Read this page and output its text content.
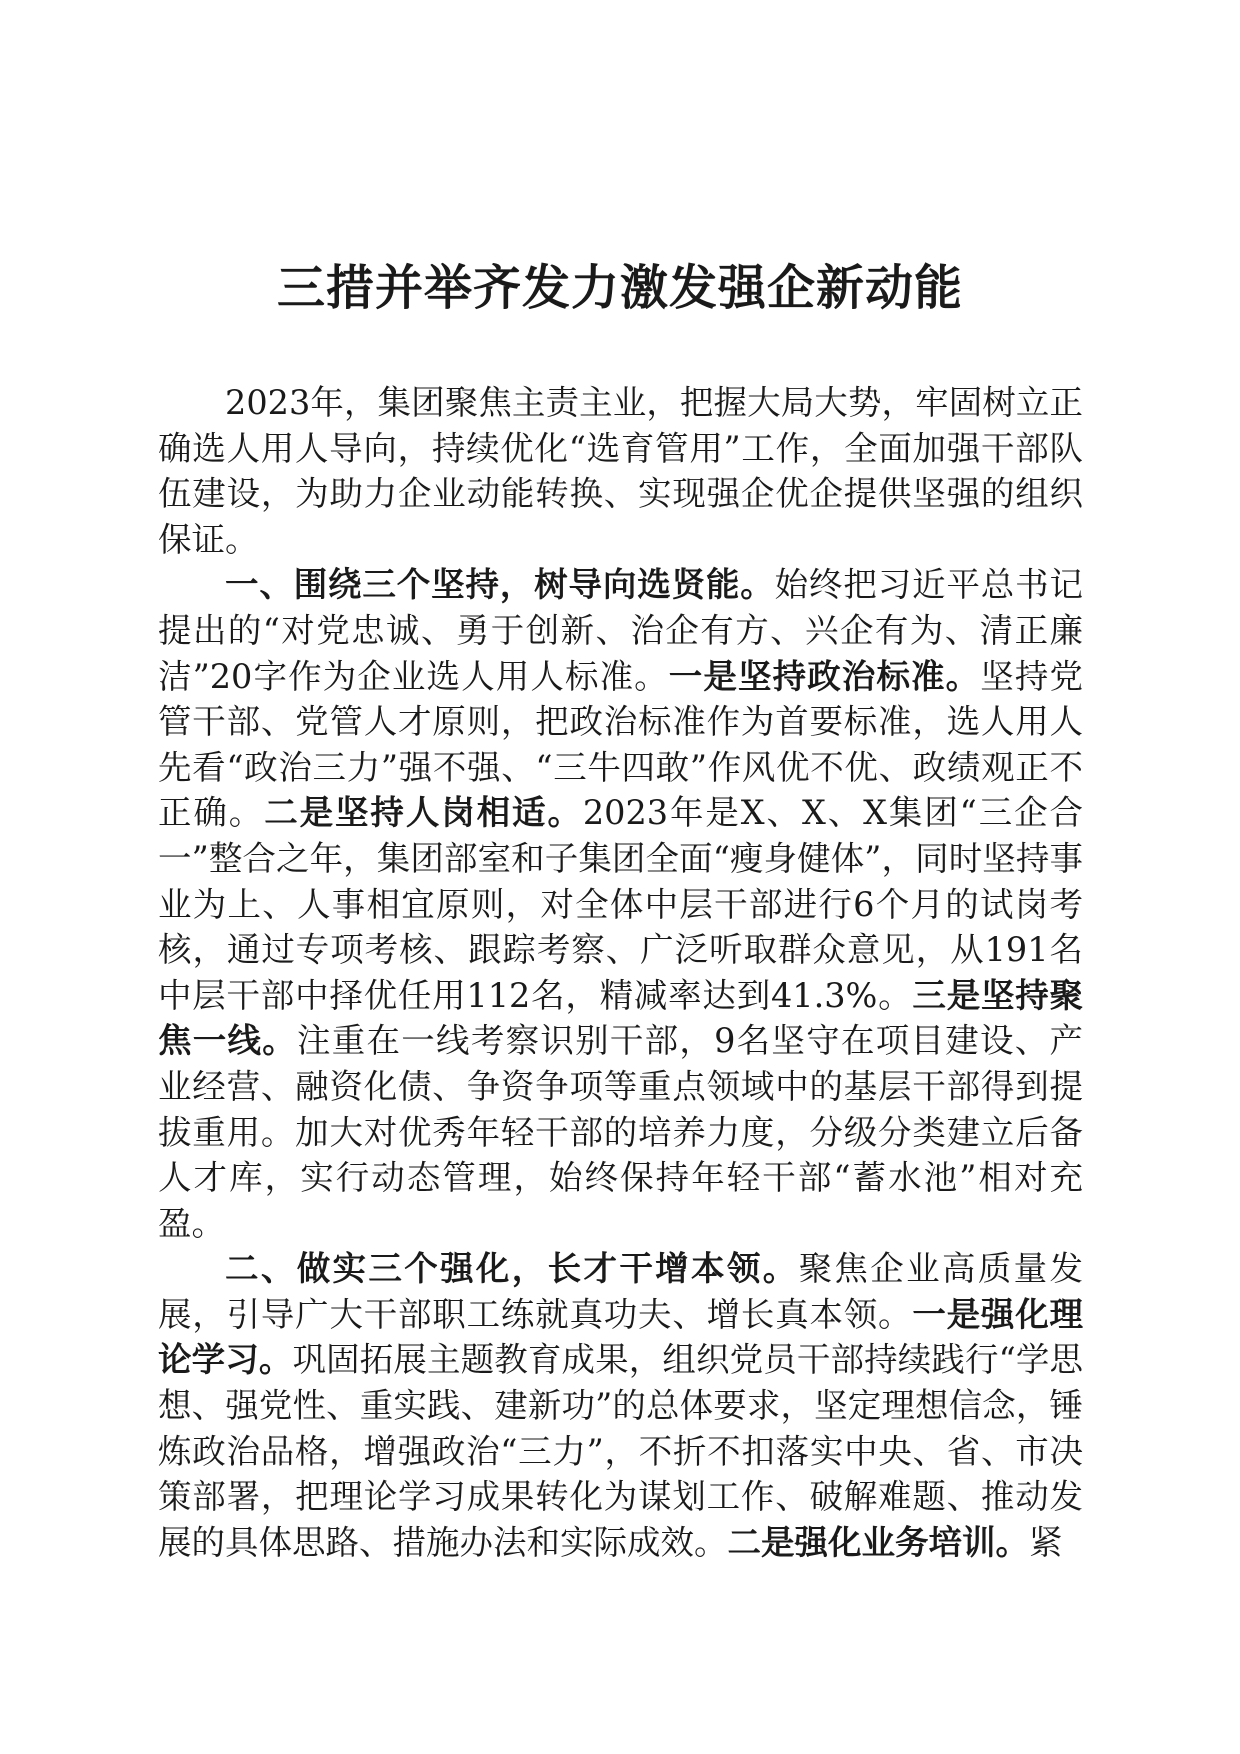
三措并举齐发力激发强企新动能

2023年，集团聚焦主责主业，把握大局大势，牢固树立正确选人用人导向，持续优化“选育管用”工作，全面加强干部队伍建设，为助力企业动能转换、实现强企优企提供坚强的组织保证。

一、围绕三个坚持，树导向选贤能。始终把习近平总书记提出的“对党忠诚、勇于创新、治企有方、兴企有为、清正廉洁”20字作为企业选人用人标准。一是坚持政治标准。坚持党管干部、党管人才原则，把政治标准作为首要标准，选人用人先看“政治三力”强不强、“三牛四敢”作风优不优、政绩观正不正确。二是坚持人岗相适。2023年是X、X、X集团“三企合一”整合之年，集团部室和子集团全面“瘦身健体”，同时坚持事业为上、人事相宜原则，对全体中层干部进行6个月的试岗考核，通过专项考核、跟踪考察、广泛听取群众意见，从191名中层干部中择优任用112名，精减率达到41.3%。三是坚持聚焦一线。注重在一线考察识别干部，9名坚守在项目建设、产业经营、融资化债、争资争项等重点领域中的基层干部得到提拔重用。加大对优秀年轻干部的培养力度，分级分类建立后备人才库，实行动态管理，始终保持年轻干部“蓄水池”相对充盈。

二、做实三个强化，长才干增本领。聚焦企业高质量发展，引导广大干部职工练就真功夫、增长真本领。一是强化理论学习。巩固拓展主题教育成果，组织党员干部持续践行“学思想、强党性、重实践、建新功”的总体要求，坚定理想信念，锤炼政治品格，增强政治“三力”，不折不扣落实中央、省、市决策部署，把理论学习成果转化为谋划工作、破解难题、推动发展的具体思路、措施办法和实际成效。二是强化业务培训。紧
